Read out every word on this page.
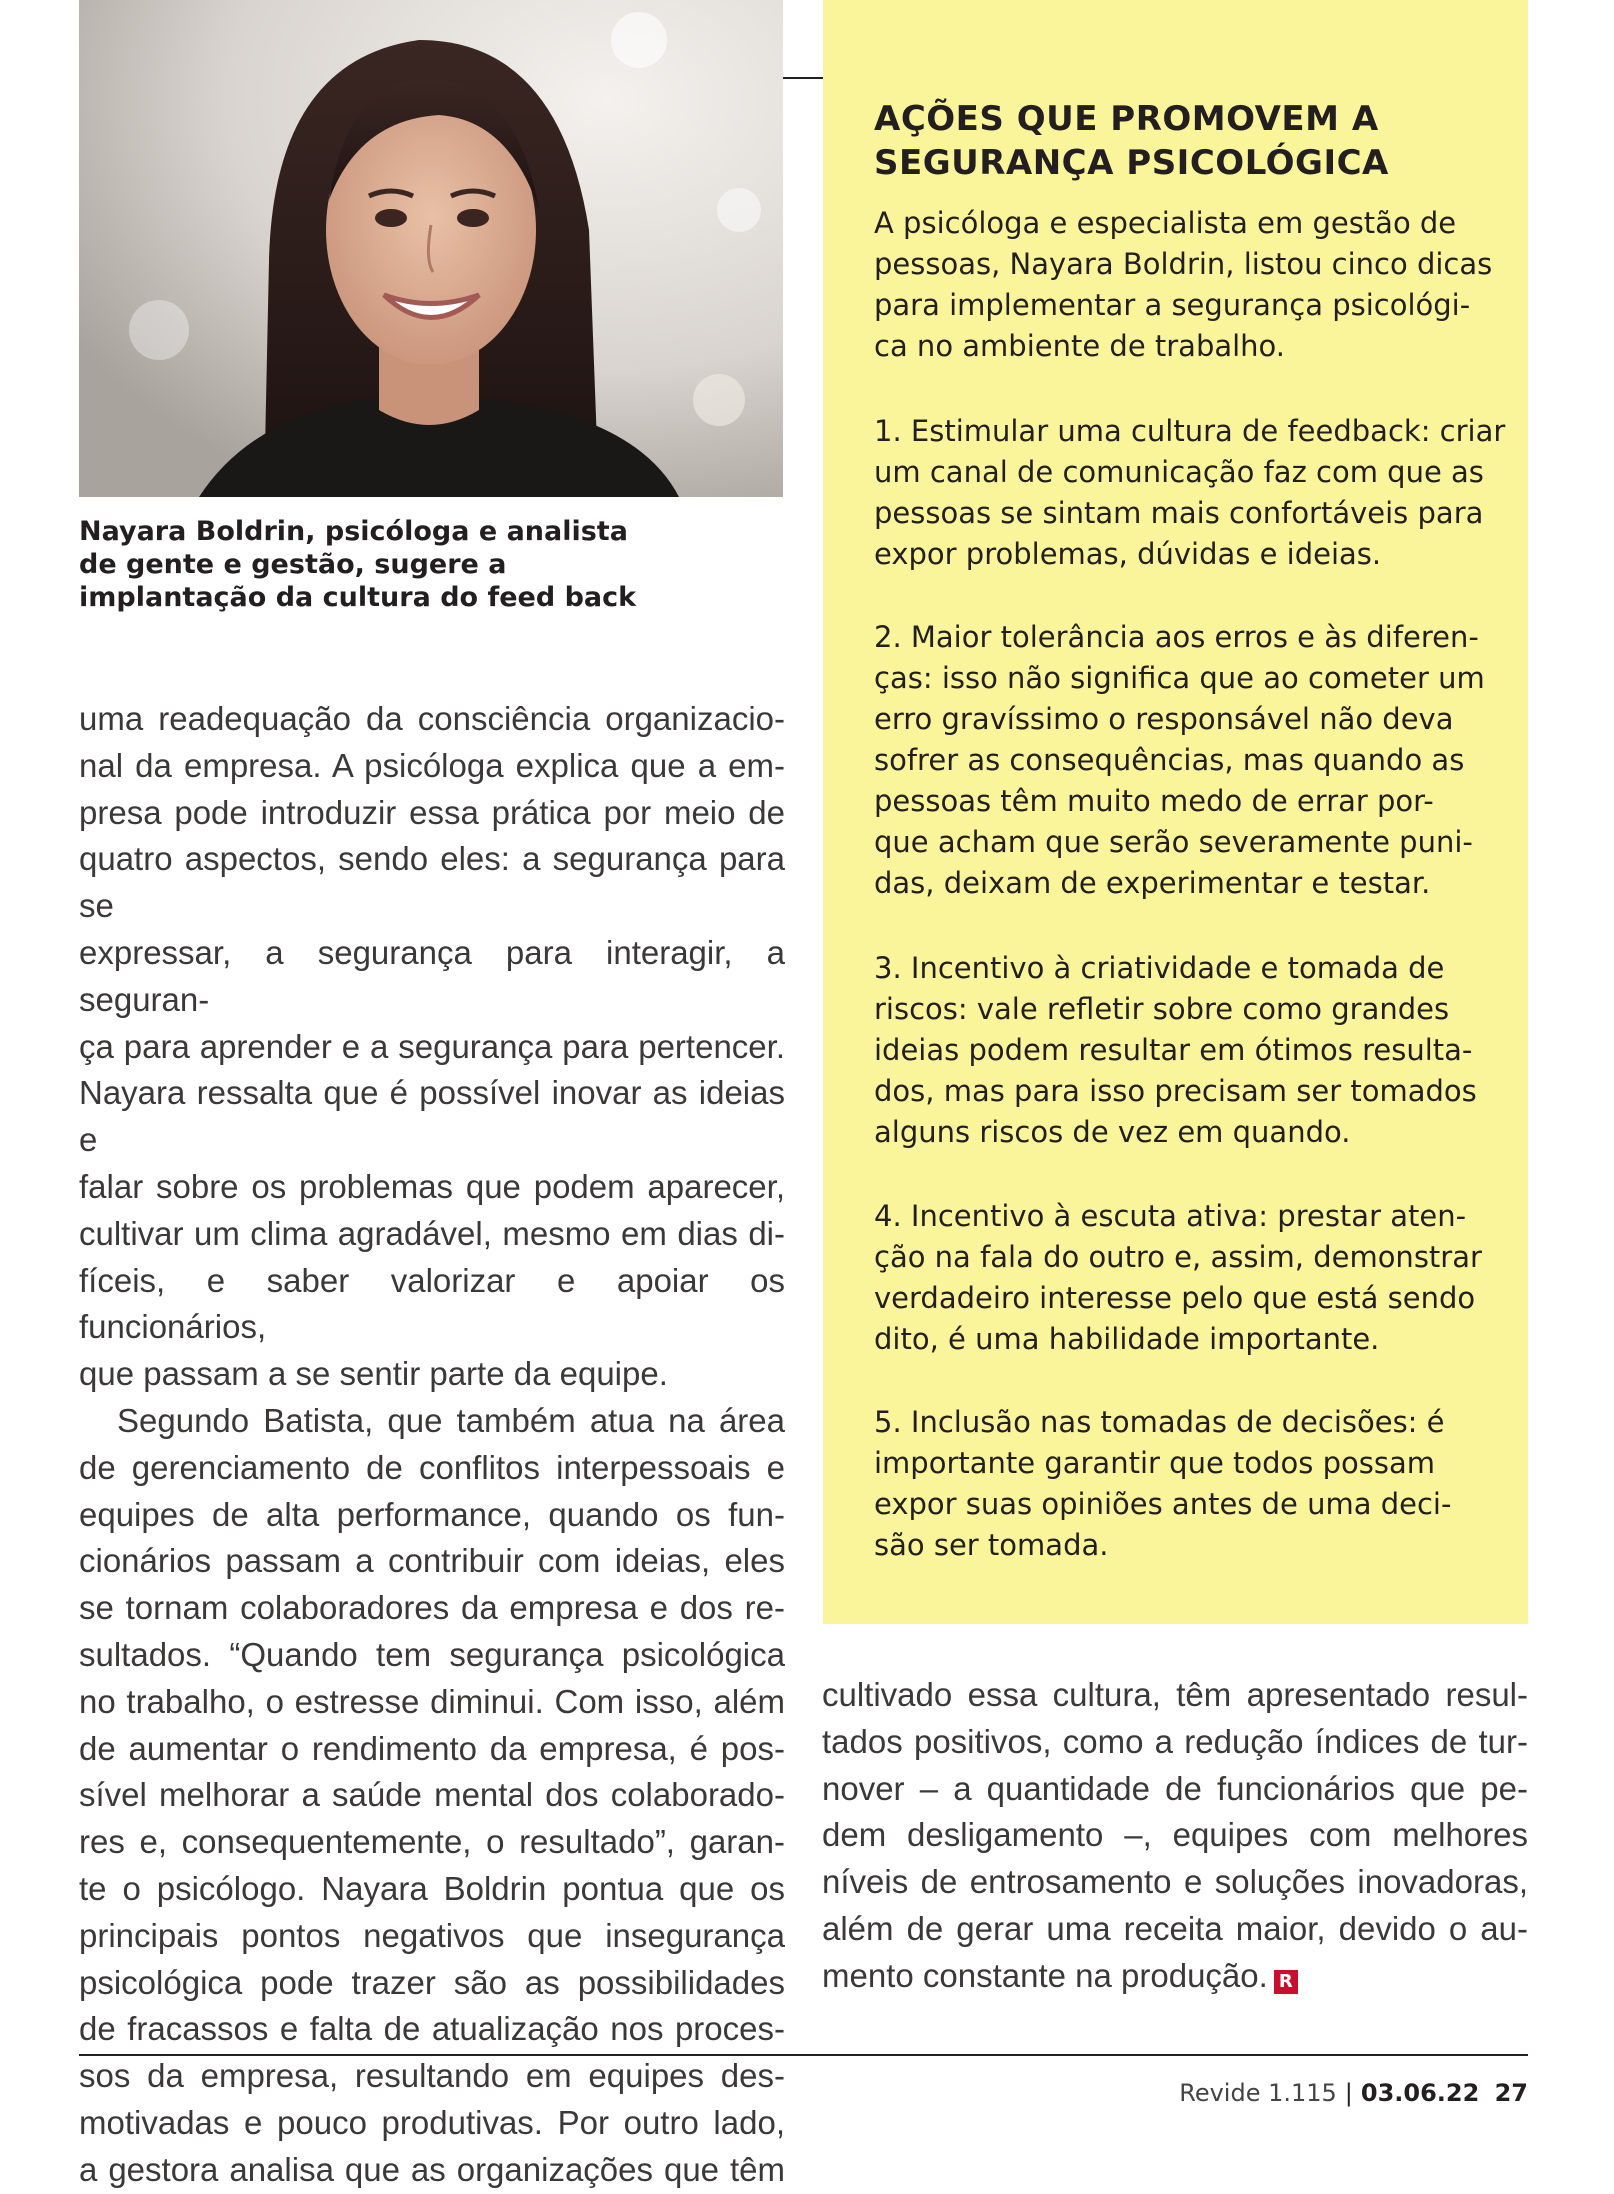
Nayara Boldrin, psicóloga e analista

de gente e gestão, sugere a

implantação da cultura do feed back

AÇÕES QUE PROMOVEM A

SEGURANÇA PSICOLÓGICA

A psicóloga e especialista em gestão de

pessoas, Nayara Boldrin, listou cinco dicas

para implementar a segurança psicológi-

ca no ambiente de trabalho.

1. Estimular uma cultura de feedback: criar

um canal de comunicação faz com que as

pessoas se sintam mais confortáveis para

expor problemas, dúvidas e ideias.

2. Maior tolerância aos erros e às diferen-

ças: isso não significa que ao cometer um

erro gravíssimo o responsável não deva

sofrer as consequências, mas quando as

pessoas têm muito medo de errar por-

que acham que serão severamente puni-

das, deixam de experimentar e testar.

3. Incentivo à criatividade e tomada de

riscos: vale refletir sobre como grandes

ideias podem resultar em ótimos resulta-

dos, mas para isso precisam ser tomados

alguns riscos de vez em quando.

4. Incentivo à escuta ativa: prestar aten-

ção na fala do outro e, assim, demonstrar

verdadeiro interesse pelo que está sendo

dito, é uma habilidade importante.

5. Inclusão nas tomadas de decisões: é

importante garantir que todos possam

expor suas opiniões antes de uma deci-

são ser tomada.

uma readequação da consciência organizacio-

nal da empresa. A psicóloga explica que a em-

presa pode introduzir essa prática por meio de

quatro aspectos, sendo eles: a segurança para se

expressar, a segurança para interagir, a seguran-

ça para aprender e a segurança para pertencer.

Nayara ressalta que é possível inovar as ideias e

falar sobre os problemas que podem aparecer,

cultivar um clima agradável, mesmo em dias di-

fíceis, e saber valorizar e apoiar os funcionários,

que passam a se sentir parte da equipe.

Segundo Batista, que também atua na área

de gerenciamento de conflitos interpessoais e

equipes de alta performance, quando os fun-

cionários passam a contribuir com ideias, eles

se tornam colaboradores da empresa e dos re-

sultados. “Quando tem segurança psicológica

no trabalho, o estresse diminui. Com isso, além

de aumentar o rendimento da empresa, é pos-

sível melhorar a saúde mental dos colaborado-

res e, consequentemente, o resultado”, garan-

te o psicólogo. Nayara Boldrin pontua que os

principais pontos negativos que insegurança

psicológica pode trazer são as possibilidades

de fracassos e falta de atualização nos proces-

sos da empresa, resultando em equipes des-

motivadas e pouco produtivas. Por outro lado,

a gestora analisa que as organizações que têm

cultivado essa cultura, têm apresentado resul-

tados positivos, como a redução índices de tur-

nover – a quantidade de funcionários que pe-

dem desligamento –, equipes com melhores

níveis de entrosamento e soluções inovadoras,

além de gerar uma receita maior, devido o au-

mento constante na produção. R

Revide 1.115 | 03.06.22 27
